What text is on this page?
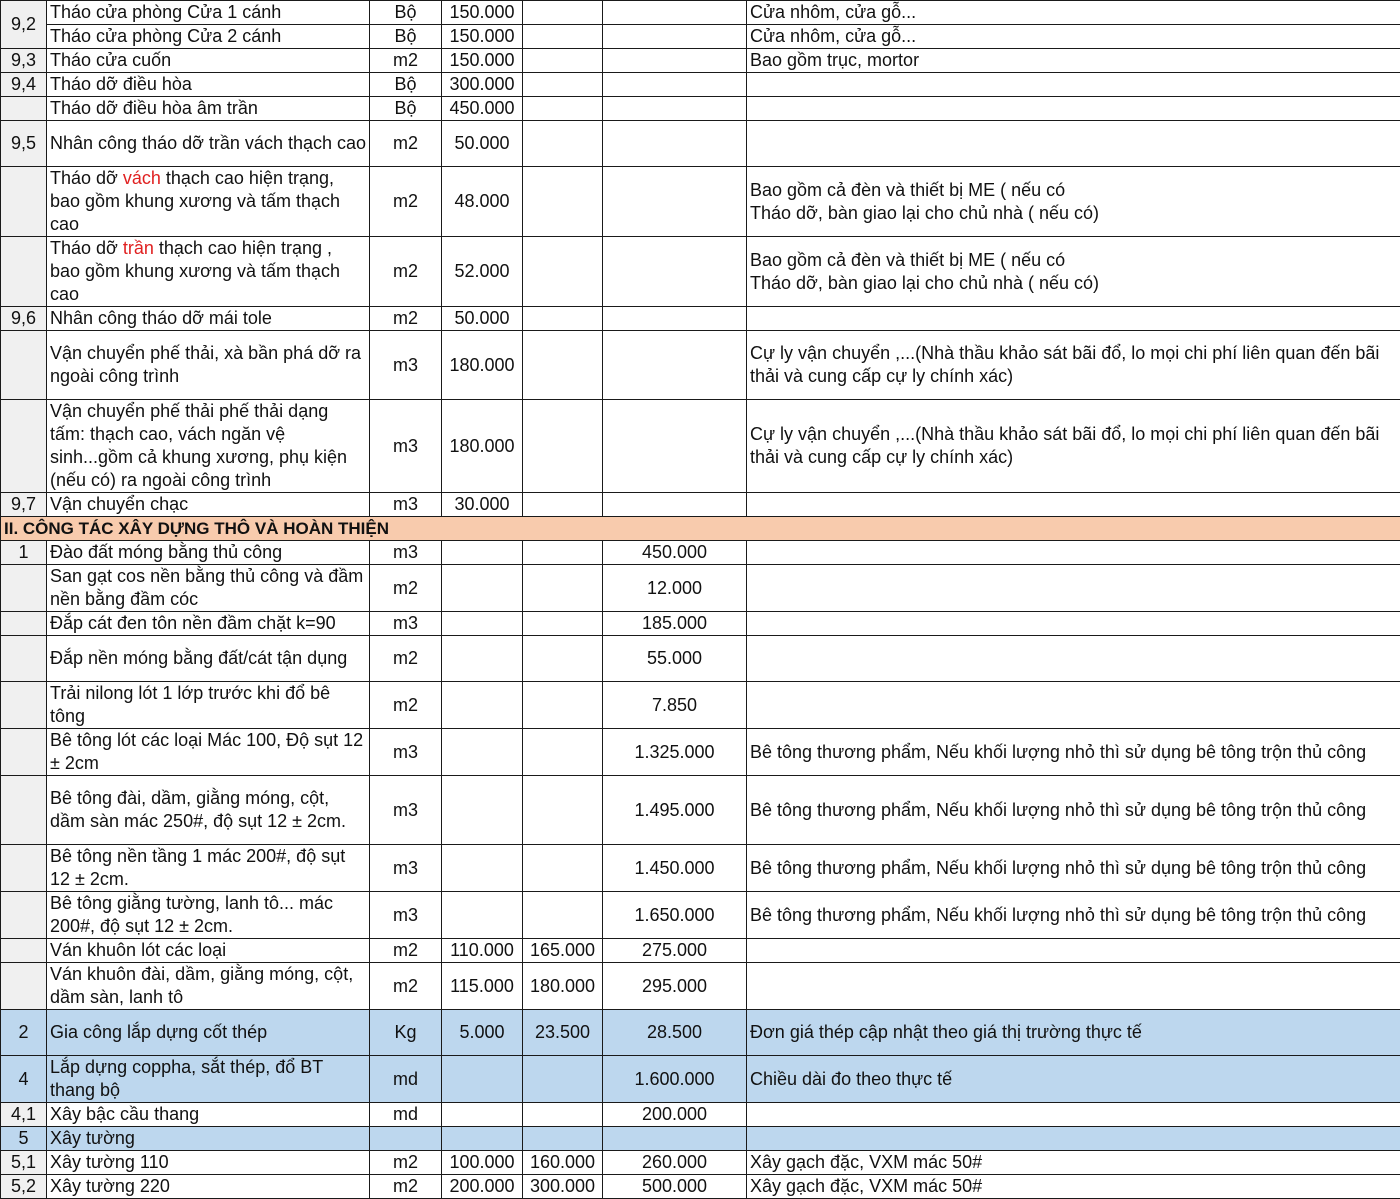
9,2	Tháo cửa phòng Cửa 1 cánh	Bộ	150.000			Cửa nhôm, cửa gỗ...
	Tháo cửa phòng Cửa 2 cánh	Bộ	150.000			Cửa nhôm, cửa gỗ...
9,3	Tháo cửa cuốn	m2	150.000			Bao gồm trục, mortor
9,4	Tháo dỡ điều hòa	Bộ	300.000			
	Tháo dỡ điều hòa âm trần	Bộ	450.000			
9,5	Nhân công tháo dỡ trần vách thạch cao	m2	50.000			
	Tháo dỡ vách thạch cao hiện trạng, bao gồm khung xương và tấm thạch cao	m2	48.000			Bao gồm cả đèn và thiết bị ME ( nếu có
Tháo dỡ, bàn giao lại cho chủ nhà ( nếu có)

	Tháo dỡ trần thạch cao hiện trạng , bao gồm khung xương và tấm thạch cao	m2	52.000			Bao gồm cả đèn và thiết bị ME ( nếu có
Tháo dỡ, bàn giao lại cho chủ nhà ( nếu có)

9,6	Nhân công tháo dỡ mái tole	m2	50.000			
	Vận chuyển phế thải, xà bần phá dỡ ra ngoài công trình	m3	180.000			Cự ly vận chuyển ,...(Nhà thầu khảo sát bãi đổ, lo mọi chi phí liên quan đến bãi thải và cung cấp cự ly chính xác)
	Vận chuyển phế thải phế thải dạng tấm: thạch cao, vách ngăn vệ sinh...gồm cả khung xương, phụ kiện (nếu có) ra ngoài công trình	m3	180.000			Cự ly vận chuyển ,...(Nhà thầu khảo sát bãi đổ, lo mọi chi phí liên quan đến bãi thải và cung cấp cự ly chính xác)
9,7	Vận chuyển chạc	m3	30.000			
II. CÔNG TÁC XÂY DỰNG THÔ VÀ HOÀN THIỆN						
1	Đào đất móng bằng thủ công	m3			450.000	
	San gạt cos nền bằng thủ công và đầm nền bằng đầm cóc	m2			12.000	
	Đắp cát đen tôn nền đầm chặt k=90	m3			185.000	
	Đắp nền móng bằng đất/cát tận dụng	m2			55.000	
	Trải nilong lót 1 lớp trước khi đổ bê tông	m2			7.850	
	Bê tông lót các loại Mác 100, Độ sụt 12 ± 2cm	m3			1.325.000	Bê tông thương phẩm, Nếu khối lượng nhỏ thì sử dụng bê tông trộn thủ công
	Bê tông đài, dầm, giằng móng, cột, dầm sàn mác 250#, độ sụt 12 ± 2cm.	m3			1.495.000	Bê tông thương phẩm, Nếu khối lượng nhỏ thì sử dụng bê tông trộn thủ công
	Bê tông nền tầng 1 mác 200#, độ sụt 12 ± 2cm.	m3			1.450.000	Bê tông thương phẩm, Nếu khối lượng nhỏ thì sử dụng bê tông trộn thủ công
	Bê tông giằng tường, lanh tô... mác 200#, độ sụt 12 ± 2cm.	m3			1.650.000	Bê tông thương phẩm, Nếu khối lượng nhỏ thì sử dụng bê tông trộn thủ công
	Ván khuôn lót các loại	m2	110.000	165.000	275.000	
	Ván khuôn đài, dầm, giằng móng, cột, dầm sàn, lanh tô	m2	115.000	180.000	295.000	
2	Gia công lắp dựng cốt thép	Kg	5.000	23.500	28.500	Đơn giá thép cập nhật theo giá thị trường thực tế
4	Lắp dựng coppha, sắt thép, đổ BT thang bộ	md			1.600.000	Chiều dài đo theo thực tế
4,1	Xây bậc cầu thang	md			200.000	
5	Xây tường					
5,1	Xây tường 110	m2	100.000	160.000	260.000	Xây gạch đặc, VXM mác 50#
5,2	Xây tường 220	m2	200.000	300.000	500.000	Xây gạch đặc, VXM mác 50#
